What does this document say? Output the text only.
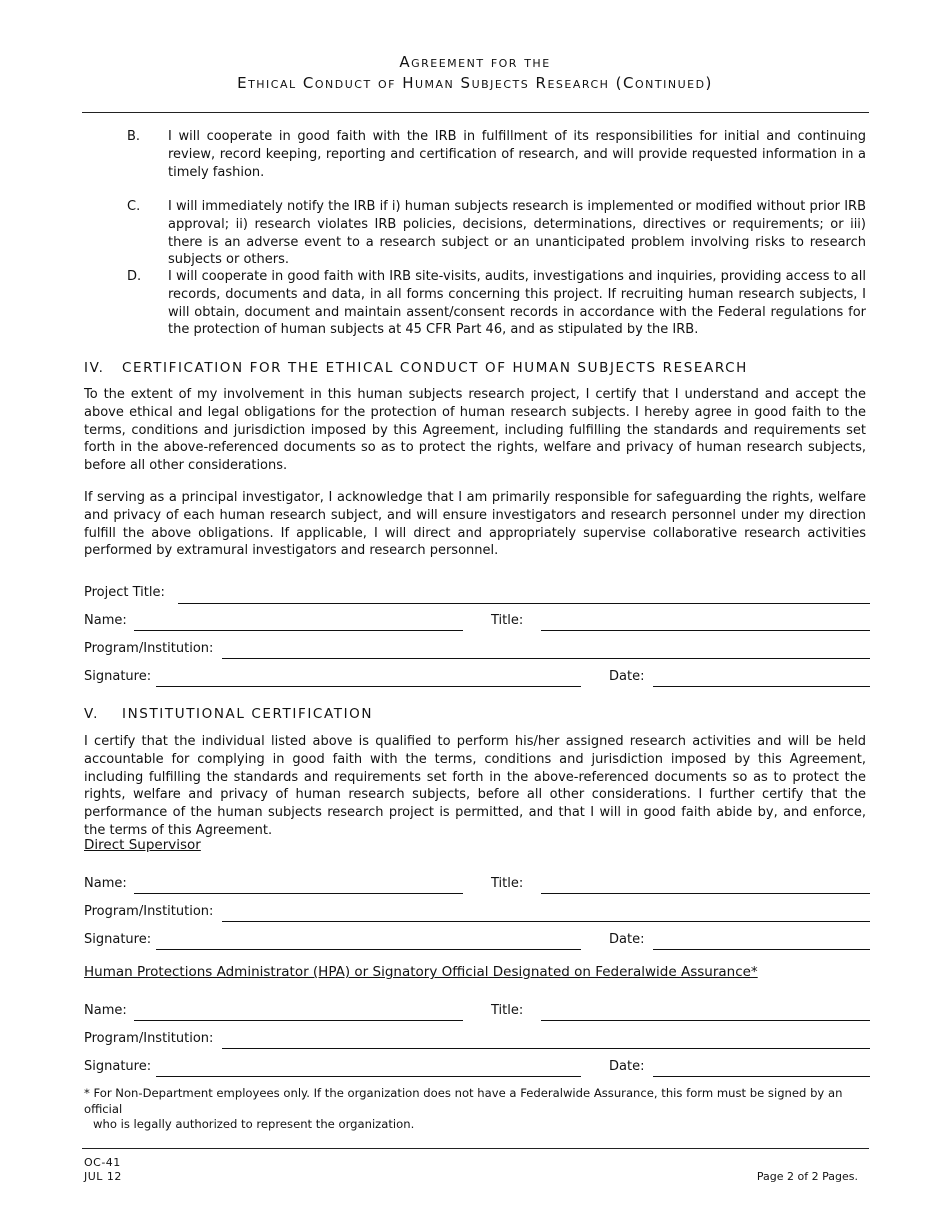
Agreement for the
Ethical Conduct of Human Subjects Research (Continued)
B. I will cooperate in good faith with the IRB in fulfillment of its responsibilities for initial and continuing review, record keeping, reporting and certification of research, and will provide requested information in a timely fashion.
C. I will immediately notify the IRB if i) human subjects research is implemented or modified without prior IRB approval; ii) research violates IRB policies, decisions, determinations, directives or requirements; or iii) there is an adverse event to a research subject or an unanticipated problem involving risks to research subjects or others.
D. I will cooperate in good faith with IRB site-visits, audits, investigations and inquiries, providing access to all records, documents and data, in all forms concerning this project. If recruiting human research subjects, I will obtain, document and maintain assent/consent records in accordance with the Federal regulations for the protection of human subjects at 45 CFR Part 46, and as stipulated by the IRB.
IV. CERTIFICATION FOR THE ETHICAL CONDUCT OF HUMAN SUBJECTS RESEARCH
To the extent of my involvement in this human subjects research project, I certify that I understand and accept the above ethical and legal obligations for the protection of human research subjects. I hereby agree in good faith to the terms, conditions and jurisdiction imposed by this Agreement, including fulfilling the standards and requirements set forth in the above-referenced documents so as to protect the rights, welfare and privacy of human research subjects, before all other considerations.
If serving as a principal investigator, I acknowledge that I am primarily responsible for safeguarding the rights, welfare and privacy of each human research subject, and will ensure investigators and research personnel under my direction fulfill the above obligations. If applicable, I will direct and appropriately supervise collaborative research activities performed by extramural investigators and research personnel.
Project Title:
Name:	Title:
Program/Institution:
Signature:	Date:
V. INSTITUTIONAL CERTIFICATION
I certify that the individual listed above is qualified to perform his/her assigned research activities and will be held accountable for complying in good faith with the terms, conditions and jurisdiction imposed by this Agreement, including fulfilling the standards and requirements set forth in the above-referenced documents so as to protect the rights, welfare and privacy of human research subjects, before all other considerations. I further certify that the performance of the human subjects research project is permitted, and that I will in good faith abide by, and enforce, the terms of this Agreement.
Direct Supervisor
Name:	Title:
Program/Institution:
Signature:	Date:
Human Protections Administrator (HPA) or Signatory Official Designated on Federalwide Assurance*
Name:	Title:
Program/Institution:
Signature:	Date:
* For Non-Department employees only. If the organization does not have a Federalwide Assurance, this form must be signed by an official
who is legally authorized to represent the organization.
OC-41
JUL 12	Page 2 of 2 Pages.
